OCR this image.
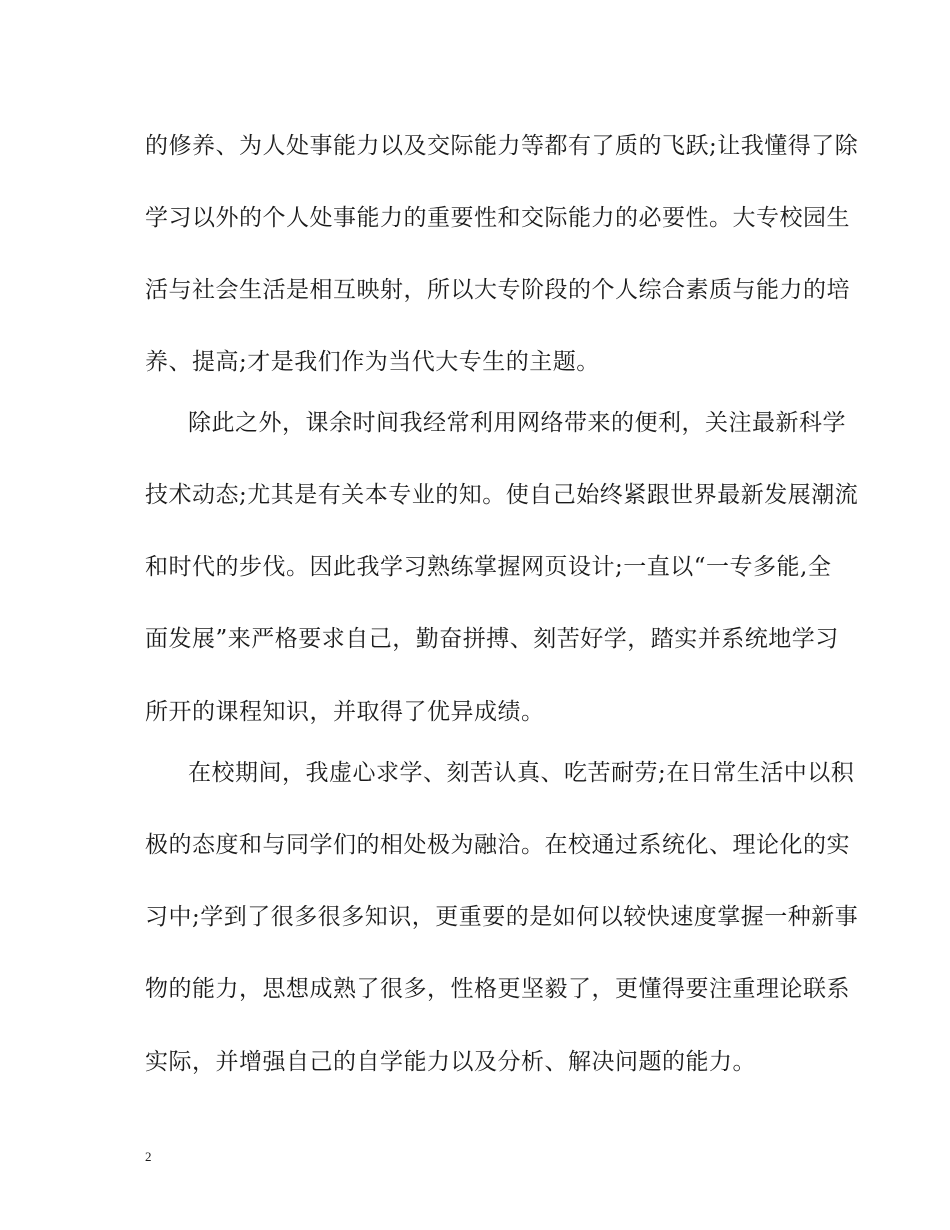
的修养、为人处事能力以及交际能力等都有了质的飞跃;让我懂得了除
学习以外的个人处事能力的重要性和交际能力的必要性。大专校园生
活与社会生活是相互映射，所以大专阶段的个人综合素质与能力的培
养、提高;才是我们作为当代大专生的主题。
除此之外，课余时间我经常利用网络带来的便利，关注最新科学
技术动态;尤其是有关本专业的知。使自己始终紧跟世界最新发展潮流
和时代的步伐。因此我学习熟练掌握网页设计;一直以“一专多能,全
面发展”来严格要求自己，勤奋拼搏、刻苦好学，踏实并系统地学习
所开的课程知识，并取得了优异成绩。
在校期间，我虚心求学、刻苦认真、吃苦耐劳;在日常生活中以积
极的态度和与同学们的相处极为融洽。在校通过系统化、理论化的实
习中;学到了很多很多知识，更重要的是如何以较快速度掌握一种新事
物的能力，思想成熟了很多，性格更坚毅了，更懂得要注重理论联系
实际，并增强自己的自学能力以及分析、解决问题的能力。
2
